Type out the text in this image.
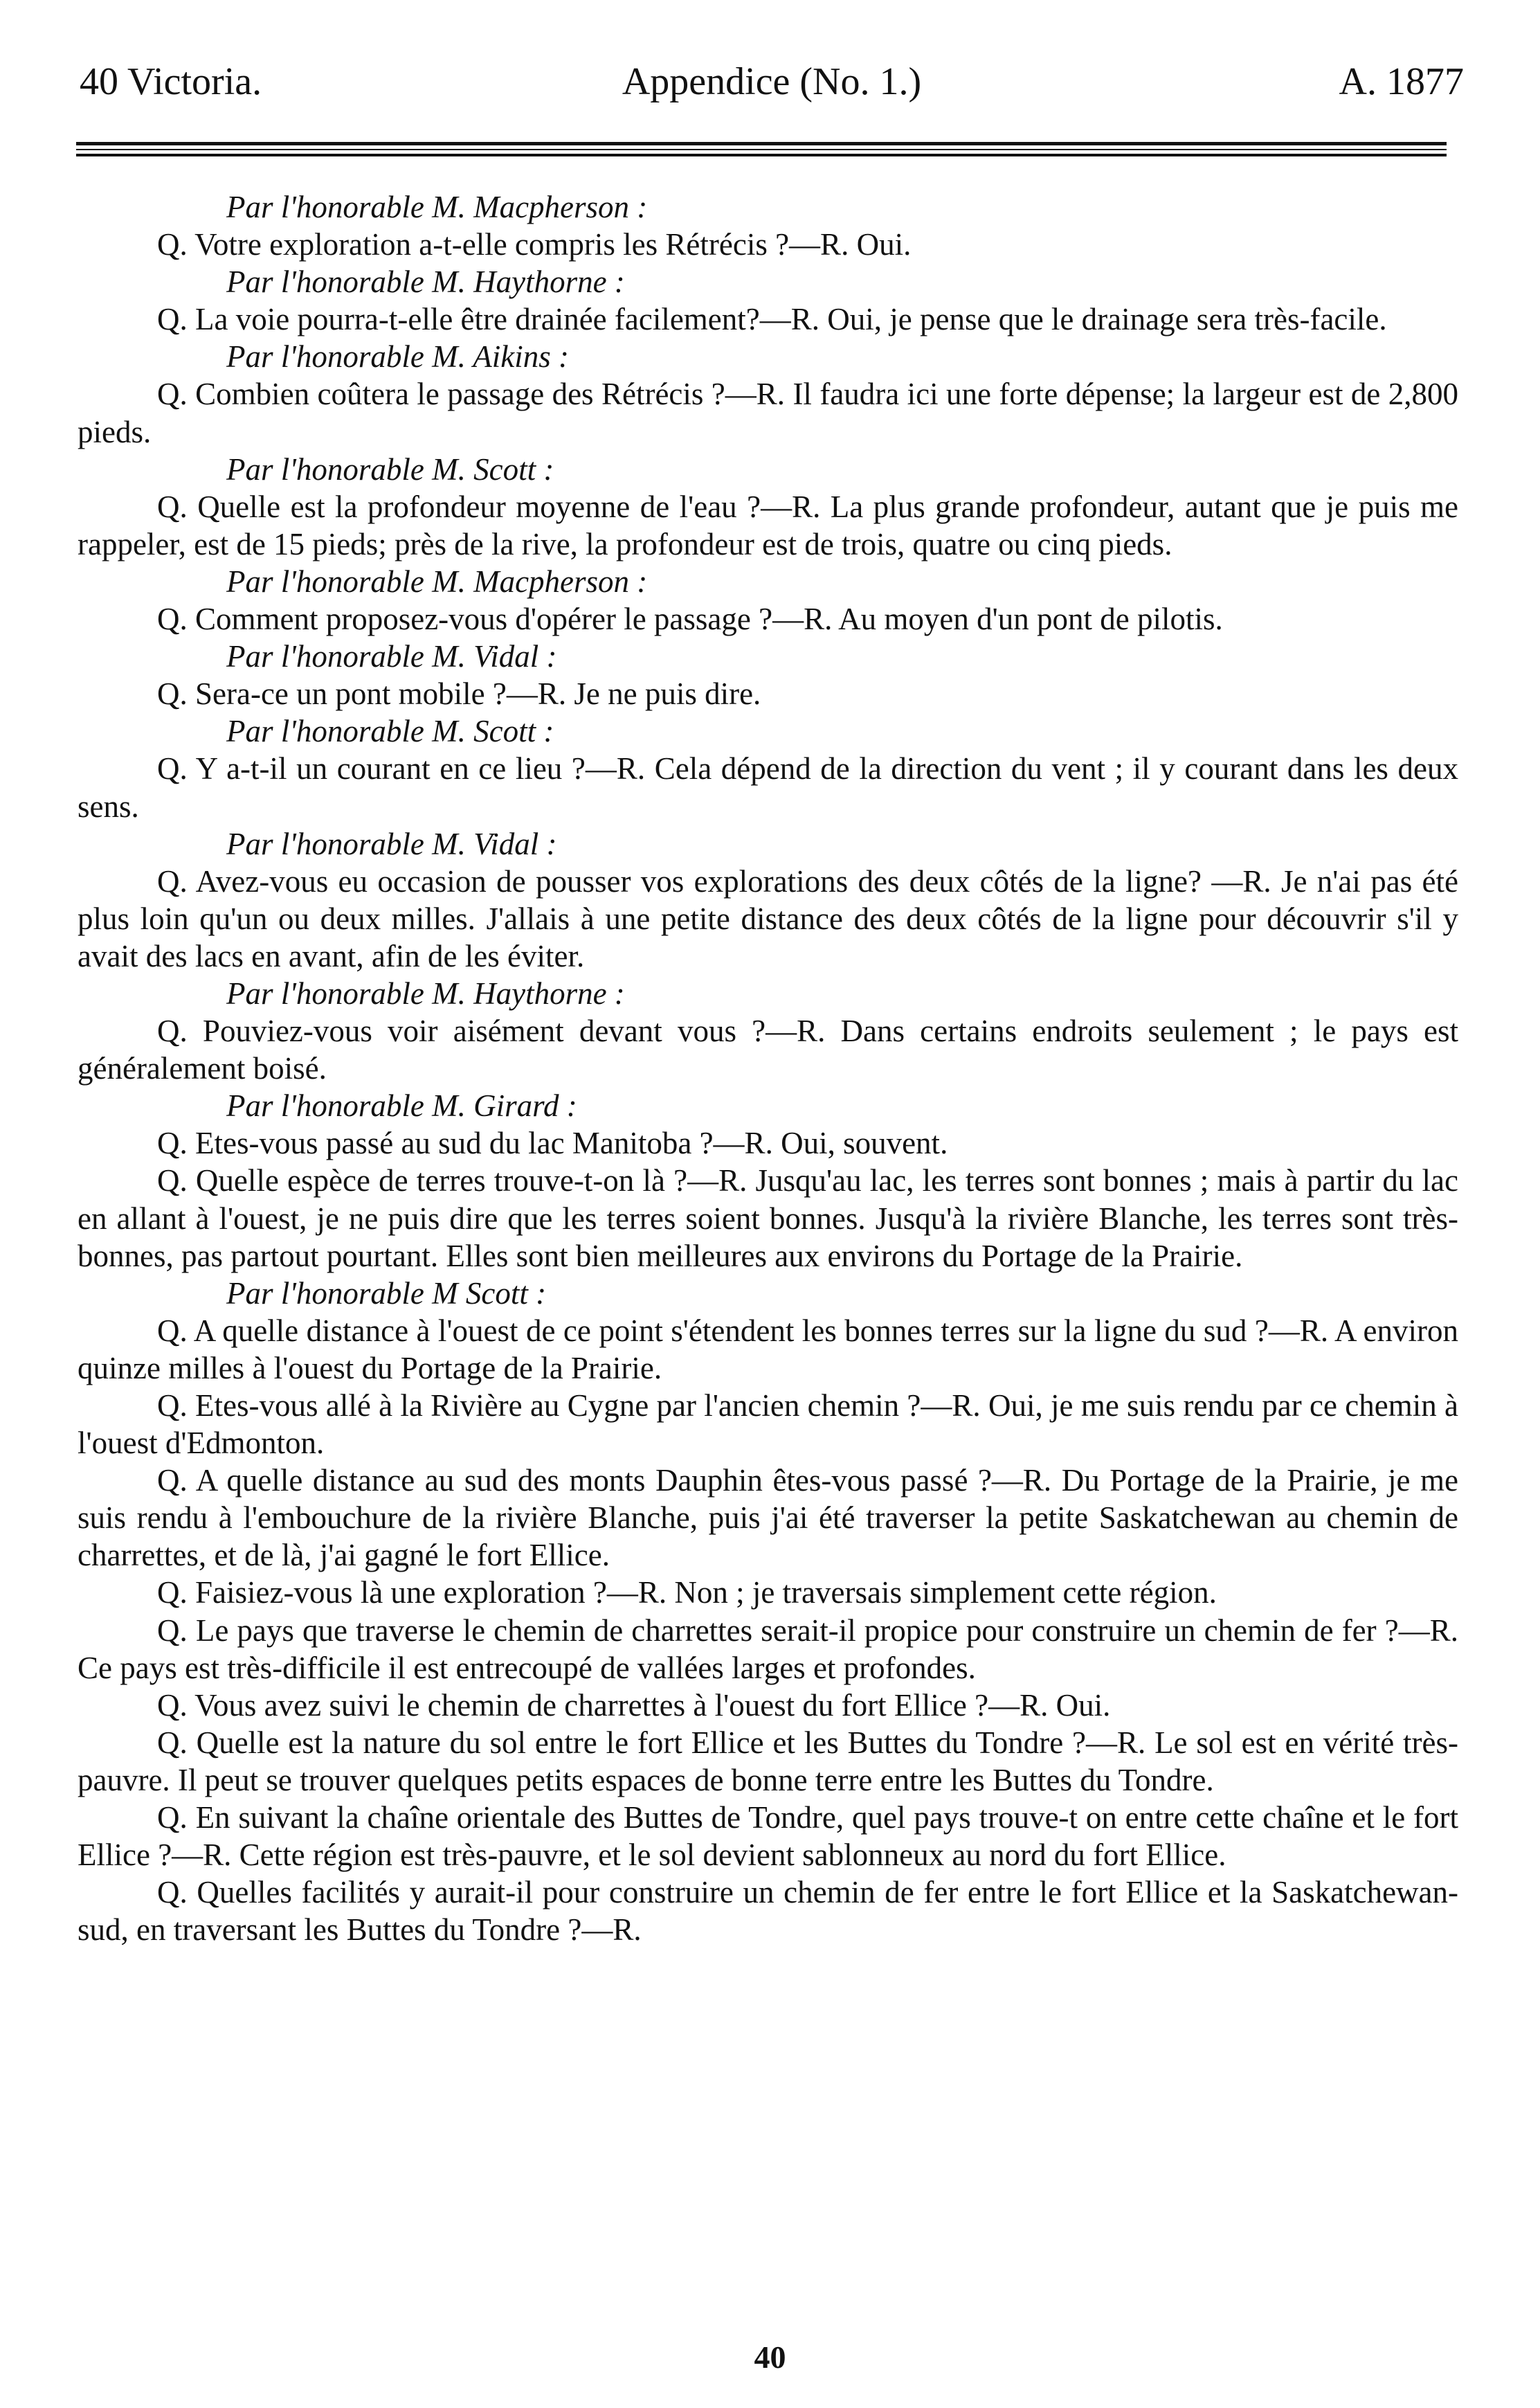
40 Victoria.	Appendice (No. 1.)	A. 1877

Par l'honorable M. Macpherson :

Q. Votre exploration a-t-elle compris les Rétrécis ?—R. Oui.

Par l'honorable M. Haythorne :

Q. La voie pourra-t-elle être drainée facilement?—R. Oui, je pense que le drainage sera très-facile.

Par l'honorable M. Aikins :

Q. Combien coûtera le passage des Rétrécis ?—R. Il faudra ici une forte dépense; la largeur est de 2,800 pieds.

Par l'honorable M. Scott :

Q. Quelle est la profondeur moyenne de l'eau ?—R. La plus grande profondeur, autant que je puis me rappeler, est de 15 pieds; près de la rive, la profondeur est de trois, quatre ou cinq pieds.

Par l'honorable M. Macpherson :

Q. Comment proposez-vous d'opérer le passage ?—R. Au moyen d'un pont de pilotis.

Par l'honorable M. Vidal :

Q. Sera-ce un pont mobile ?—R. Je ne puis dire.

Par l'honorable M. Scott :

Q. Y a-t-il un courant en ce lieu ?—R. Cela dépend de la direction du vent ; il y courant dans les deux sens.

Par l'honorable M. Vidal :

Q. Avez-vous eu occasion de pousser vos explorations des deux côtés de la ligne? —R. Je n'ai pas été plus loin qu'un ou deux milles. J'allais à une petite distance des deux côtés de la ligne pour découvrir s'il y avait des lacs en avant, afin de les éviter.

Par l'honorable M. Haythorne :

Q. Pouviez-vous voir aisément devant vous ?—R. Dans certains endroits seulement ; le pays est généralement boisé.

Par l'honorable M. Girard :

Q. Etes-vous passé au sud du lac Manitoba ?—R. Oui, souvent.

Q. Quelle espèce de terres trouve-t-on là ?—R. Jusqu'au lac, les terres sont bonnes ; mais à partir du lac en allant à l'ouest, je ne puis dire que les terres soient bonnes. Jusqu'à la rivière Blanche, les terres sont très-bonnes, pas partout pourtant. Elles sont bien meilleures aux environs du Portage de la Prairie.

Par l'honorable M Scott :

Q. A quelle distance à l'ouest de ce point s'étendent les bonnes terres sur la ligne du sud ?—R. A environ quinze milles à l'ouest du Portage de la Prairie.

Q. Etes-vous allé à la Rivière au Cygne par l'ancien chemin ?—R. Oui, je me suis rendu par ce chemin à l'ouest d'Edmonton.

Q. A quelle distance au sud des monts Dauphin êtes-vous passé ?—R. Du Portage de la Prairie, je me suis rendu à l'embouchure de la rivière Blanche, puis j'ai été traverser la petite Saskatchewan au chemin de charrettes, et de là, j'ai gagné le fort Ellice.

Q. Faisiez-vous là une exploration ?—R. Non ; je traversais simplement cette région.

Q. Le pays que traverse le chemin de charrettes serait-il propice pour construire un chemin de fer ?—R. Ce pays est très-difficile il est entrecoupé de vallées larges et profondes.

Q. Vous avez suivi le chemin de charrettes à l'ouest du fort Ellice ?—R. Oui.

Q. Quelle est la nature du sol entre le fort Ellice et les Buttes du Tondre ?—R. Le sol est en vérité très-pauvre. Il peut se trouver quelques petits espaces de bonne terre entre les Buttes du Tondre.

Q. En suivant la chaîne orientale des Buttes de Tondre, quel pays trouve-t on entre cette chaîne et le fort Ellice ?—R. Cette région est très-pauvre, et le sol devient sablonneux au nord du fort Ellice.

Q. Quelles facilités y aurait-il pour construire un chemin de fer entre le fort Ellice et la Saskatchewan-sud, en traversant les Buttes du Tondre ?—R.

40
